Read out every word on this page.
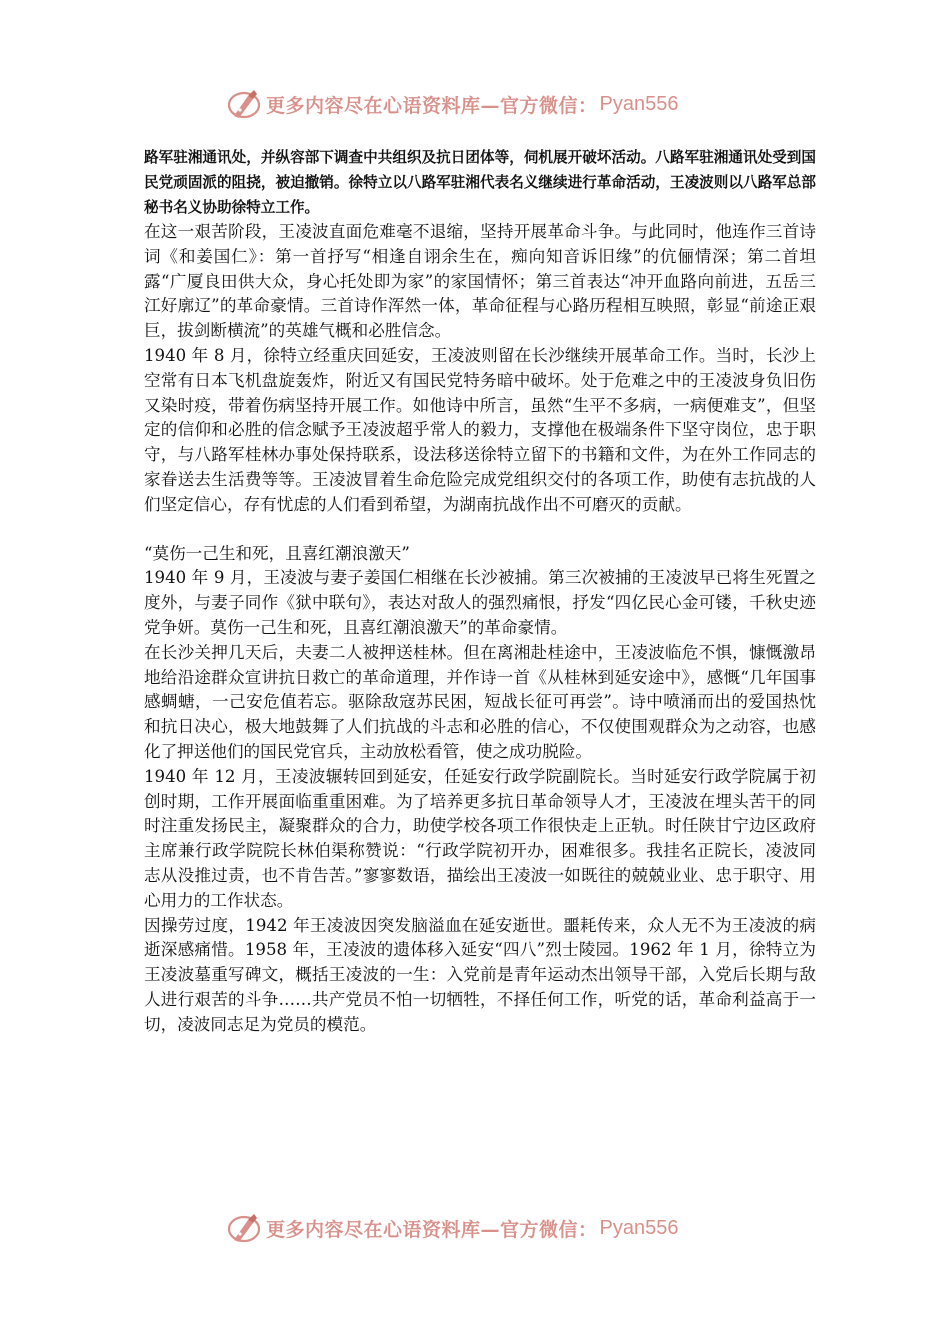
更多内容尽在心语资料库—官方微信： Pyan556

路军驻湘通讯处，并纵容部下调查中共组织及抗日团体等，伺机展开破坏活动。八路军驻湘通讯处受到国民党顽固派的阻挠，被迫撤销。徐特立以八路军驻湘代表名义继续进行革命活动，王凌波则以八路军总部秘书名义协助徐特立工作。

在这一艰苦阶段，王凌波直面危难毫不退缩，坚持开展革命斗争。与此同时，他连作三首诗词《和姜国仁》：第一首抒写“相逢自诩余生在，痴向知音诉旧缘”的伉俪情深；第二首坦露“广厦良田供大众，身心托处即为家”的家国情怀；第三首表达“冲开血路向前进，五岳三江好廓辽”的革命豪情。三首诗作浑然一体，革命征程与心路历程相互映照，彰显“前途正艰巨，拔剑断横流”的英雄气概和必胜信念。

1940 年 8 月，徐特立经重庆回延安，王凌波则留在长沙继续开展革命工作。当时，长沙上空常有日本飞机盘旋轰炸，附近又有国民党特务暗中破坏。处于危难之中的王凌波身负旧伤又染时疫，带着伤病坚持开展工作。如他诗中所言，虽然“生平不多病，一病便难支”，但坚定的信仰和必胜的信念赋予王凌波超乎常人的毅力，支撑他在极端条件下坚守岗位，忠于职守，与八路军桂林办事处保持联系，设法移送徐特立留下的书籍和文件，为在外工作同志的家眷送去生活费等等。王凌波冒着生命危险完成党组织交付的各项工作，助使有志抗战的人们坚定信心，存有忧虑的人们看到希望，为湖南抗战作出不可磨灭的贡献。

“莫伤一己生和死，且喜红潮浪激天”

1940 年 9 月，王凌波与妻子姜国仁相继在长沙被捕。第三次被捕的王凌波早已将生死置之度外，与妻子同作《狱中联句》，表达对敌人的强烈痛恨，抒发“四亿民心金可镂，千秋史迹党争妍。莫伤一己生和死，且喜红潮浪激天”的革命豪情。

在长沙关押几天后，夫妻二人被押送桂林。但在离湘赴桂途中，王凌波临危不惧，慷慨激昂地给沿途群众宣讲抗日救亡的革命道理，并作诗一首《从桂林到延安途中》，感慨“几年国事感蜩螗，一己安危值若忘。驱除敌寇苏民困，短战长征可再尝”。诗中喷涌而出的爱国热忱和抗日决心，极大地鼓舞了人们抗战的斗志和必胜的信心，不仅使围观群众为之动容，也感化了押送他们的国民党官兵，主动放松看管，使之成功脱险。

1940 年 12 月，王凌波辗转回到延安，任延安行政学院副院长。当时延安行政学院属于初创时期，工作开展面临重重困难。为了培养更多抗日革命领导人才，王凌波在埋头苦干的同时注重发扬民主，凝聚群众的合力，助使学校各项工作很快走上正轨。时任陕甘宁边区政府主席兼行政学院院长林伯渠称赞说：“行政学院初开办，困难很多。我挂名正院长，凌波同志从没推过责，也不肯告苦。”寥寥数语，描绘出王凌波一如既往的兢兢业业、忠于职守、用心用力的工作状态。

因操劳过度，1942 年王凌波因突发脑溢血在延安逝世。噩耗传来，众人无不为王凌波的病逝深感痛惜。1958 年，王凌波的遗体移入延安“四八”烈士陵园。1962 年 1 月，徐特立为王凌波墓重写碑文，概括王凌波的一生：入党前是青年运动杰出领导干部，入党后长期与敌人进行艰苦的斗争……共产党员不怕一切牺牲，不择任何工作，听党的话，革命利益高于一切，凌波同志足为党员的模范。

更多内容尽在心语资料库—官方微信： Pyan556
